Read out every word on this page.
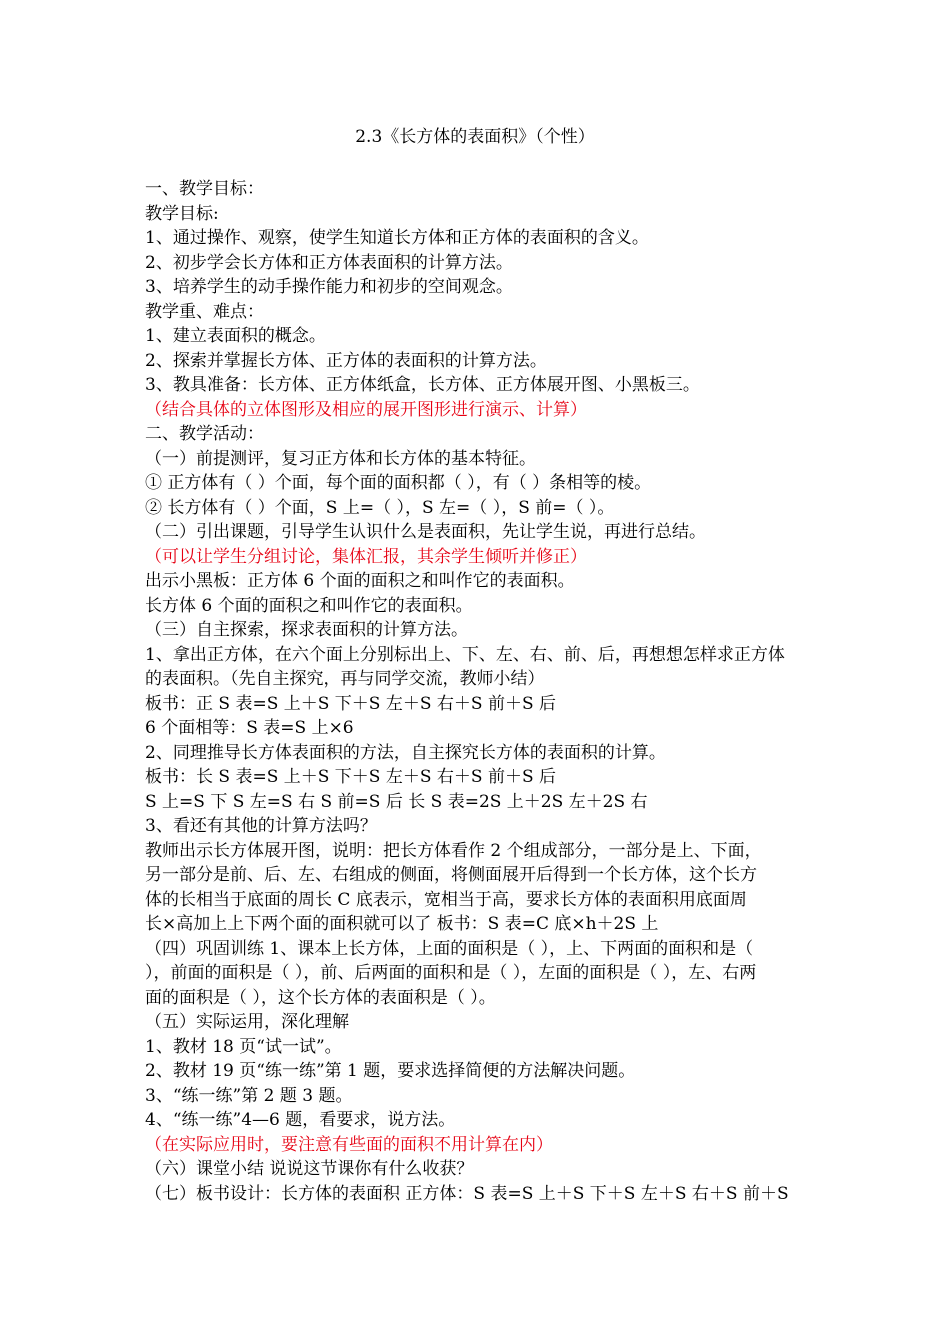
2.3《长方体的表面积》（个性）
一、教学目标：
教学目标:
1、通过操作、观察，使学生知道长方体和正方体的表面积的含义。
2、初步学会长方体和正方体表面积的计算方法。
3、培养学生的动手操作能力和初步的空间观念。
教学重、难点：
1、建立表面积的概念。
2、探索并掌握长方体、正方体的表面积的计算方法。
3、教具准备：长方体、正方体纸盒，长方体、正方体展开图、小黑板三。
（结合具体的立体图形及相应的展开图形进行演示、计算）
二、教学活动：
（一）前提测评，复习正方体和长方体的基本特征。
① 正方体有（ ）个面，每个面的面积都（ ），有（ ）条相等的棱。
② 长方体有（ ）个面，S 上=（ ），S 左=（ ），S 前=（ ）。
（二）引出课题，引导学生认识什么是表面积，先让学生说，再进行总结。
（可以让学生分组讨论，集体汇报，其余学生倾听并修正）
出示小黑板：正方体 6 个面的面积之和叫作它的表面积。
长方体 6 个面的面积之和叫作它的表面积。
（三）自主探索，探求表面积的计算方法。
1、拿出正方体，在六个面上分别标出上、下、左、右、前、后，再想想怎样求正方体
的表面积。（先自主探究，再与同学交流，教师小结）
板书：正 S 表=S 上＋S 下＋S 左＋S 右＋S 前＋S 后
6 个面相等：S 表=S 上×6
2、同理推导长方体表面积的方法，自主探究长方体的表面积的计算。
板书：长 S 表=S 上＋S 下＋S 左＋S 右＋S 前＋S 后
S 上=S 下 S 左=S 右 S 前=S 后 长 S 表=2S 上＋2S 左＋2S 右
3、看还有其他的计算方法吗？
教师出示长方体展开图，说明：把长方体看作 2 个组成部分，一部分是上、下面，
另一部分是前、后、左、右组成的侧面，将侧面展开后得到一个长方体，这个长方
体的长相当于底面的周长 C 底表示，宽相当于高，要求长方体的表面积用底面周
长×高加上上下两个面的面积就可以了 板书：S 表=C 底×h＋2S 上
（四）巩固训练 1、课本上长方体，上面的面积是（ ），上、下两面的面积和是（
），前面的面积是（ ），前、后两面的面积和是（ ），左面的面积是（ ），左、右两
面的面积是（ ），这个长方体的表面积是（ ）。
（五）实际运用，深化理解
1、教材 18 页“试一试”。
2、教材 19 页“练一练”第 1 题，要求选择简便的方法解决问题。
3、“练一练”第 2 题 3 题。
4、“练一练”4—6 题，看要求，说方法。
（在实际应用时，要注意有些面的面积不用计算在内）
（六）课堂小结 说说这节课你有什么收获？
（七）板书设计：长方体的表面积 正方体：S 表=S 上＋S 下＋S 左＋S 右＋S 前＋S
